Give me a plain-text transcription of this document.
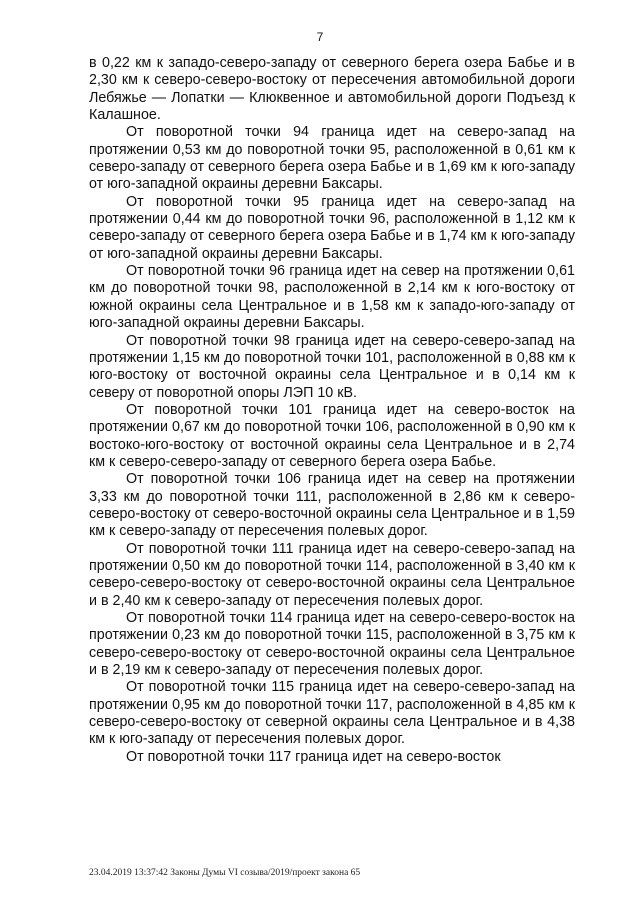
7

в 0,22 км к западо-северо-западу от северного берега озера Бабье и в 2,30 км к северо-северо-востоку от пересечения автомобильной дороги Лебяжье — Лопатки — Клюквенное и автомобильной дороги Подъезд к Калашное.

От поворотной точки 94 граница идет на северо-запад на протяжении 0,53 км до поворотной точки 95, расположенной в 0,61 км к северо-западу от северного берега озера Бабье и в 1,69 км к юго-западу от юго-западной окраины деревни Баксары.

От поворотной точки 95 граница идет на северо-запад на протяжении 0,44 км до поворотной точки 96, расположенной в 1,12 км к северо-западу от северного берега озера Бабье и в 1,74 км к юго-западу от юго-западной окраины деревни Баксары.

От поворотной точки 96 граница идет на север на протяжении 0,61 км до поворотной точки 98, расположенной в 2,14 км к юго-востоку от южной окраины села Центральное и в 1,58 км к западо-юго-западу от юго-западной окраины деревни Баксары.

От поворотной точки 98 граница идет на северо-северо-запад на протяжении 1,15 км до поворотной точки 101, расположенной в 0,88 км к юго-востоку от восточной окраины села Центральное и в 0,14 км к северу от поворотной опоры ЛЭП 10 кВ.

От поворотной точки 101 граница идет на северо-восток на протяжении 0,67 км до поворотной точки 106, расположенной в 0,90 км к востоко-юго-востоку от восточной окраины села Центральное и в 2,74 км к северо-северо-западу от северного берега озера Бабье.

От поворотной точки 106 граница идет на север на протяжении 3,33 км до поворотной точки 111, расположенной в 2,86 км к северо-северо-востоку от северо-восточной окраины села Центральное и в 1,59 км к северо-западу от пересечения полевых дорог.

От поворотной точки 111 граница идет на северо-северо-запад на протяжении 0,50 км до поворотной точки 114, расположенной в 3,40 км к северо-северо-востоку от северо-восточной окраины села Центральное и в 2,40 км к северо-западу от пересечения полевых дорог.

От поворотной точки 114 граница идет на северо-северо-восток на протяжении 0,23 км до поворотной точки 115, расположенной в 3,75 км к северо-северо-востоку от северо-восточной окраины села Центральное и в 2,19 км к северо-западу от пересечения полевых дорог.

От поворотной точки 115 граница идет на северо-северо-запад на протяжении 0,95 км до поворотной точки 117, расположенной в 4,85 км к северо-северо-востоку от северной окраины села Центральное и в 4,38 км к юго-западу от пересечения полевых дорог.

От поворотной точки 117 граница идет на северо-восток

23.04.2019 13:37:42 Законы Думы VI созыва/2019/проект закона 65
